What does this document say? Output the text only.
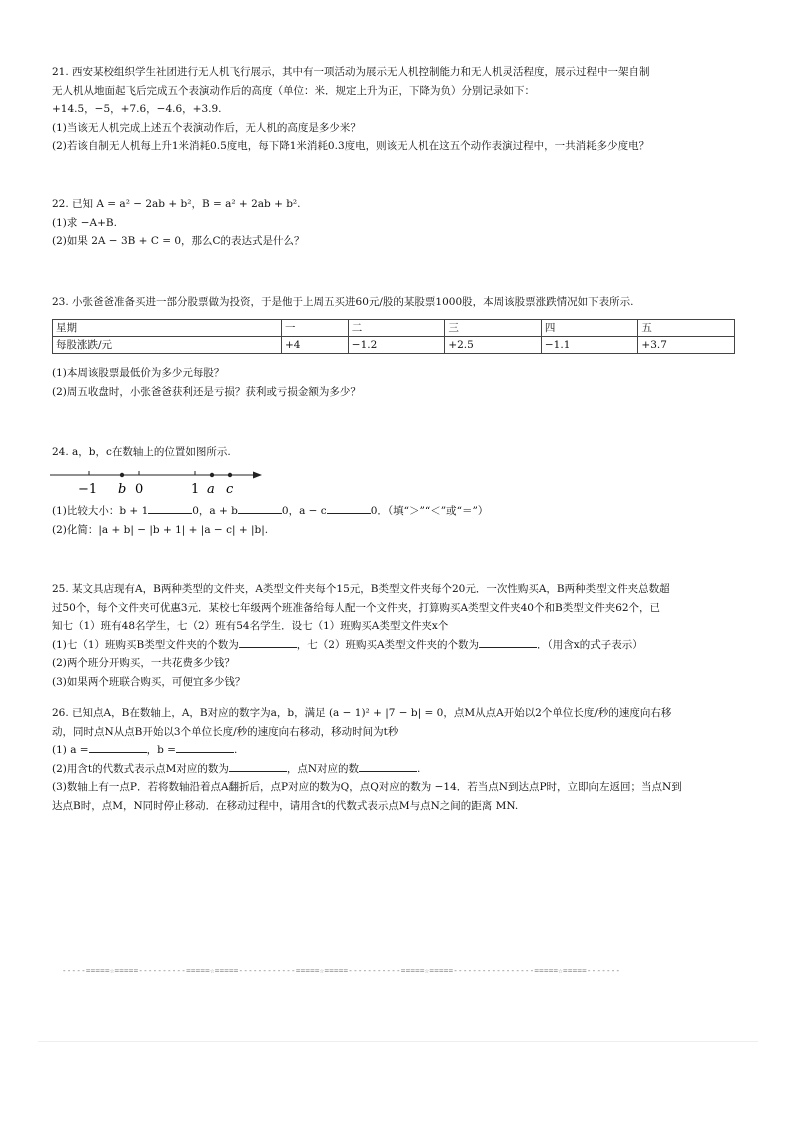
21. 西安某校组织学生社团进行无人机飞行展示，其中有一项活动为展示无人机控制能力和无人机灵活程度，展示过程中一架自制

无人机从地面起飞后完成五个表演动作后的高度（单位：米．规定上升为正，下降为负）分别记录如下：

+14.5，−5，+7.6，−4.6，+3.9.

(1)当该无人机完成上述五个表演动作后，无人机的高度是多少米？

(2)若该自制无人机每上升1米消耗0.5度电，每下降1米消耗0.3度电，则该无人机在这五个动作表演过程中，一共消耗多少度电？

22. 已知 A = a² − 2ab + b²，B = a² + 2ab + b².

(1)求 −A+B.

(2)如果 2A − 3B + C = 0，那么C的表达式是什么？

23. 小张爸爸准备买进一部分股票做为投资，于是他于上周五买进60元/股的某股票1000股，本周该股票涨跌情况如下表所示.

星期	一	二	三	四	五
每股涨跌/元	+4	−1.2	+2.5	−1.1	+3.7

(1)本周该股票最低价为多少元每股？

(2)周五收盘时，小张爸爸获利还是亏损？获利或亏损金额为多少？

24. a，b，c在数轴上的位置如图所示.

−1 b 0	1 a c

(1)比较大小：b + 1	0，a + b	0，a − c	0．（填“＞”“＜”或“＝”）

(2)化简：|a + b| − |b + 1| + |a − c| + |b|.

25. 某文具店现有A，B两种类型的文件夹，A类型文件夹每个15元，B类型文件夹每个20元．一次性购买A，B两种类型文件夹总数超

过50个，每个文件夹可优惠3元．某校七年级两个班准备给每人配一个文件夹，打算购买A类型文件夹40个和B类型文件夹62个，已

知七（1）班有48名学生，七（2）班有54名学生．设七（1）班购买A类型文件夹x个

(1)七（1）班购买B类型文件夹的个数为	，七（2）班购买A类型文件夹的个数为	．（用含x的式子表示）

(2)两个班分开购买，一共花费多少钱？

(3)如果两个班联合购买，可便宜多少钱？

26. 已知点A，B在数轴上，A，B对应的数字为a，b，满足 (a − 1)² + |7 − b| = 0，点M从点A开始以2个单位长度/秒的速度向右移

动，同时点N从点B开始以3个单位长度/秒的速度向右移动，移动时间为t秒

(1) a =	，b =	.

(2)用含t的代数式表示点M对应的数为	，点N对应的数	.

(3)数轴上有一点P．若将数轴沿着点A翻折后，点P对应的数为Q，点Q对应的数为 −14．若当点N到达点P时，立即向左返回；当点N到

达点B时，点M，N同时停止移动．在移动过程中，请用含t的代数式表示点M与点N之间的距离 MN.

-----=====☆=====----------=====☆=====------------=====☆=====-----------=====☆=====-----------------=====☆=====-------
